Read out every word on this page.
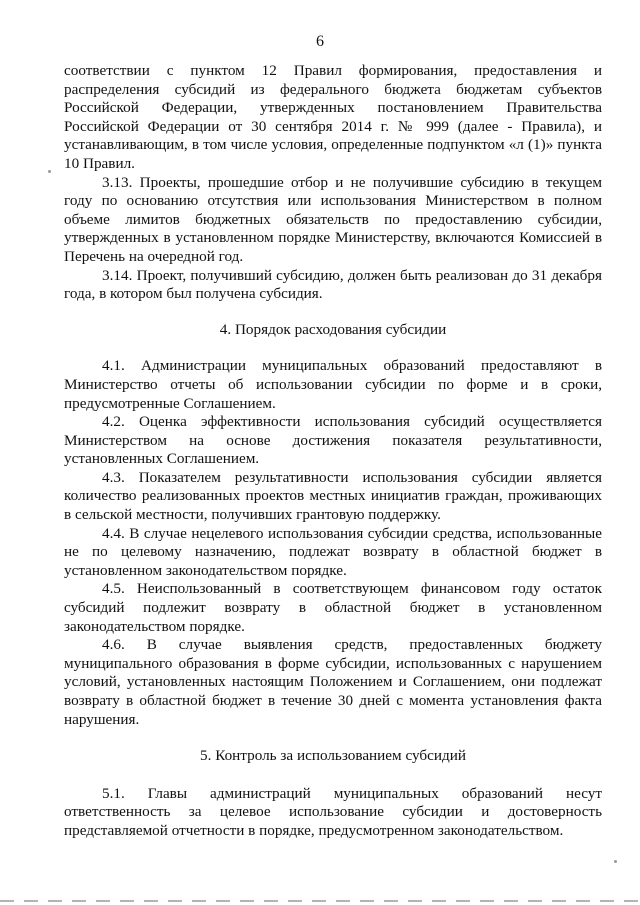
6

соответствии с пунктом 12 Правил формирования, предоставления и распределения субсидий из федерального бюджета бюджетам субъектов Российской Федерации, утвержденных постановлением Правительства Российской Федерации от 30 сентября 2014 г. № 999 (далее - Правила), и устанавливающим, в том числе условия, определенные подпунктом «л (1)» пункта 10 Правил.

3.13. Проекты, прошедшие отбор и не получившие субсидию в текущем году по основанию отсутствия или использования Министерством в полном объеме лимитов бюджетных обязательств по предоставлению субсидии, утвержденных в установленном порядке Министерству, включаются Комиссией в Перечень на очередной год.

3.14. Проект, получивший субсидию, должен быть реализован до 31 декабря года, в котором был получена субсидия.

4. Порядок расходования субсидии

4.1. Администрации муниципальных образований предоставляют в Министерство отчеты об использовании субсидии по форме и в сроки, предусмотренные Соглашением.

4.2. Оценка эффективности использования субсидий осуществляется Министерством на основе достижения показателя результативности, установленных Соглашением.

4.3. Показателем результативности использования субсидии является количество реализованных проектов местных инициатив граждан, проживающих в сельской местности, получивших грантовую поддержку.

4.4. В случае нецелевого использования субсидии средства, использованные не по целевому назначению, подлежат возврату в областной бюджет в установленном законодательством порядке.

4.5. Неиспользованный в соответствующем финансовом году остаток субсидий подлежит возврату в областной бюджет в установленном законодательством порядке.

4.6. В случае выявления средств, предоставленных бюджету муниципального образования в форме субсидии, использованных с нарушением условий, установленных настоящим Положением и Соглашением, они подлежат возврату в областной бюджет в течение 30 дней с момента установления факта нарушения.

5. Контроль за использованием субсидий

5.1. Главы администраций муниципальных образований несут ответственность за целевое использование субсидии и достоверность представляемой отчетности в порядке, предусмотренном законодательством.
